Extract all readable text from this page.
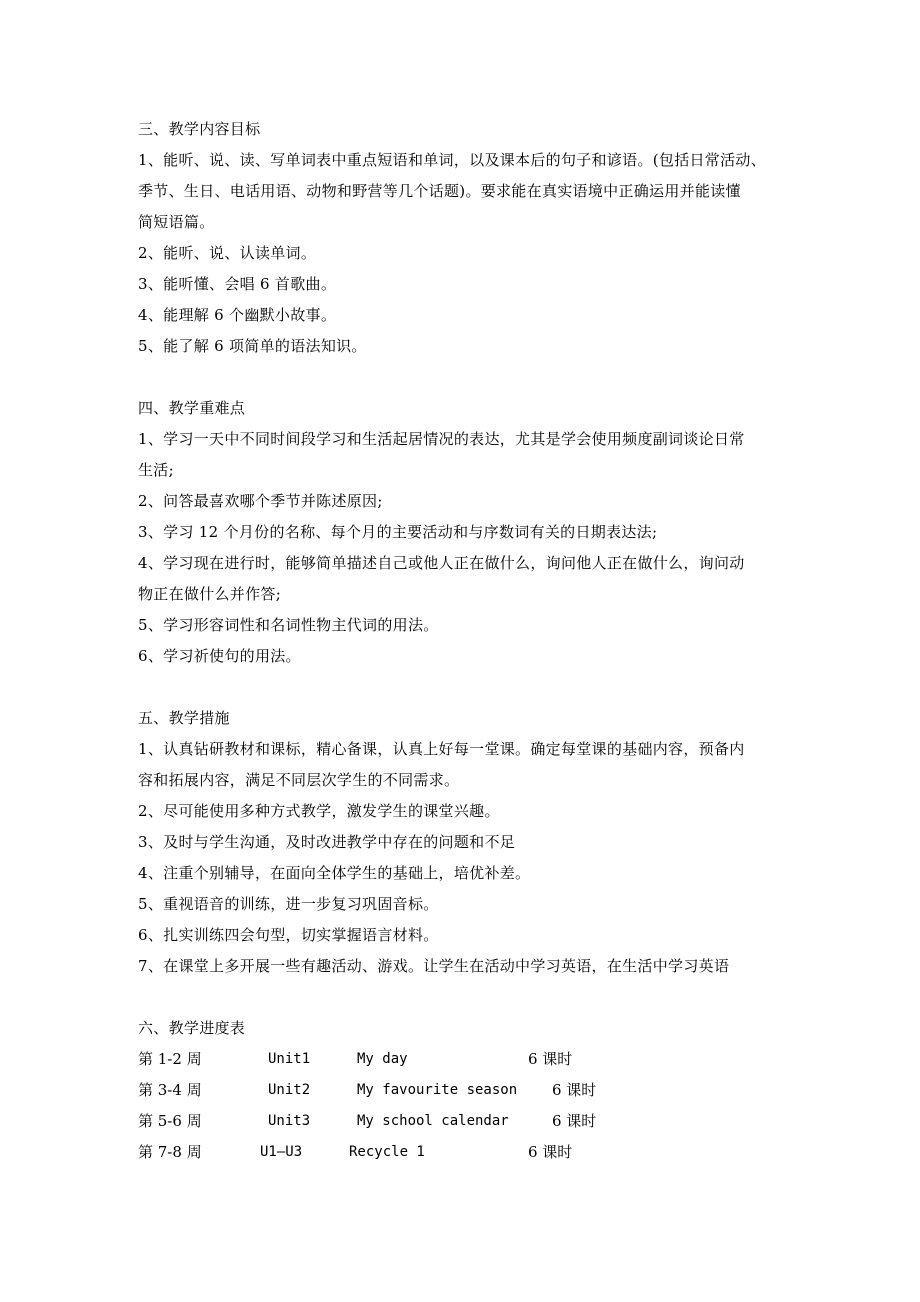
三、教学内容目标
1、能听、说、读、写单词表中重点短语和单词，以及课本后的句子和谚语。(包括日常活动、
季节、生日、电话用语、动物和野营等几个话题)。要求能在真实语境中正确运用并能读懂
简短语篇。
2、能听、说、认读单词。
3、能听懂、会唱 6 首歌曲。
4、能理解 6 个幽默小故事。
5、能了解 6 项简单的语法知识。
四、教学重难点
1、学习一天中不同时间段学习和生活起居情况的表达，尤其是学会使用频度副词谈论日常
生活;
2、问答最喜欢哪个季节并陈述原因;
3、学习 12 个月份的名称、每个月的主要活动和与序数词有关的日期表达法;
4、学习现在进行时，能够简单描述自己或他人正在做什么，询问他人正在做什么，询问动
物正在做什么并作答;
5、学习形容词性和名词性物主代词的用法。
6、学习祈使句的用法。
五、教学措施
1、认真钻研教材和课标，精心备课，认真上好每一堂课。确定每堂课的基础内容，预备内
容和拓展内容，满足不同层次学生的不同需求。
2、尽可能使用多种方式教学，激发学生的课堂兴趣。
3、及时与学生沟通，及时改进教学中存在的问题和不足
4、注重个别辅导，在面向全体学生的基础上，培优补差。
5、重视语音的训练，进一步复习巩固音标。
6、扎实训练四会句型，切实掌握语言材料。
7、在课堂上多开展一些有趣活动、游戏。让学生在活动中学习英语，在生活中学习英语
六、教学进度表
第 1-2 周	Unit1	My day	6 课时
第 3-4 周	Unit2	My favourite season 6 课时
第 5-6 周	Unit3	My school calendar	6 课时
第 7-8 周	U1—U3	Recycle 1	6 课时
